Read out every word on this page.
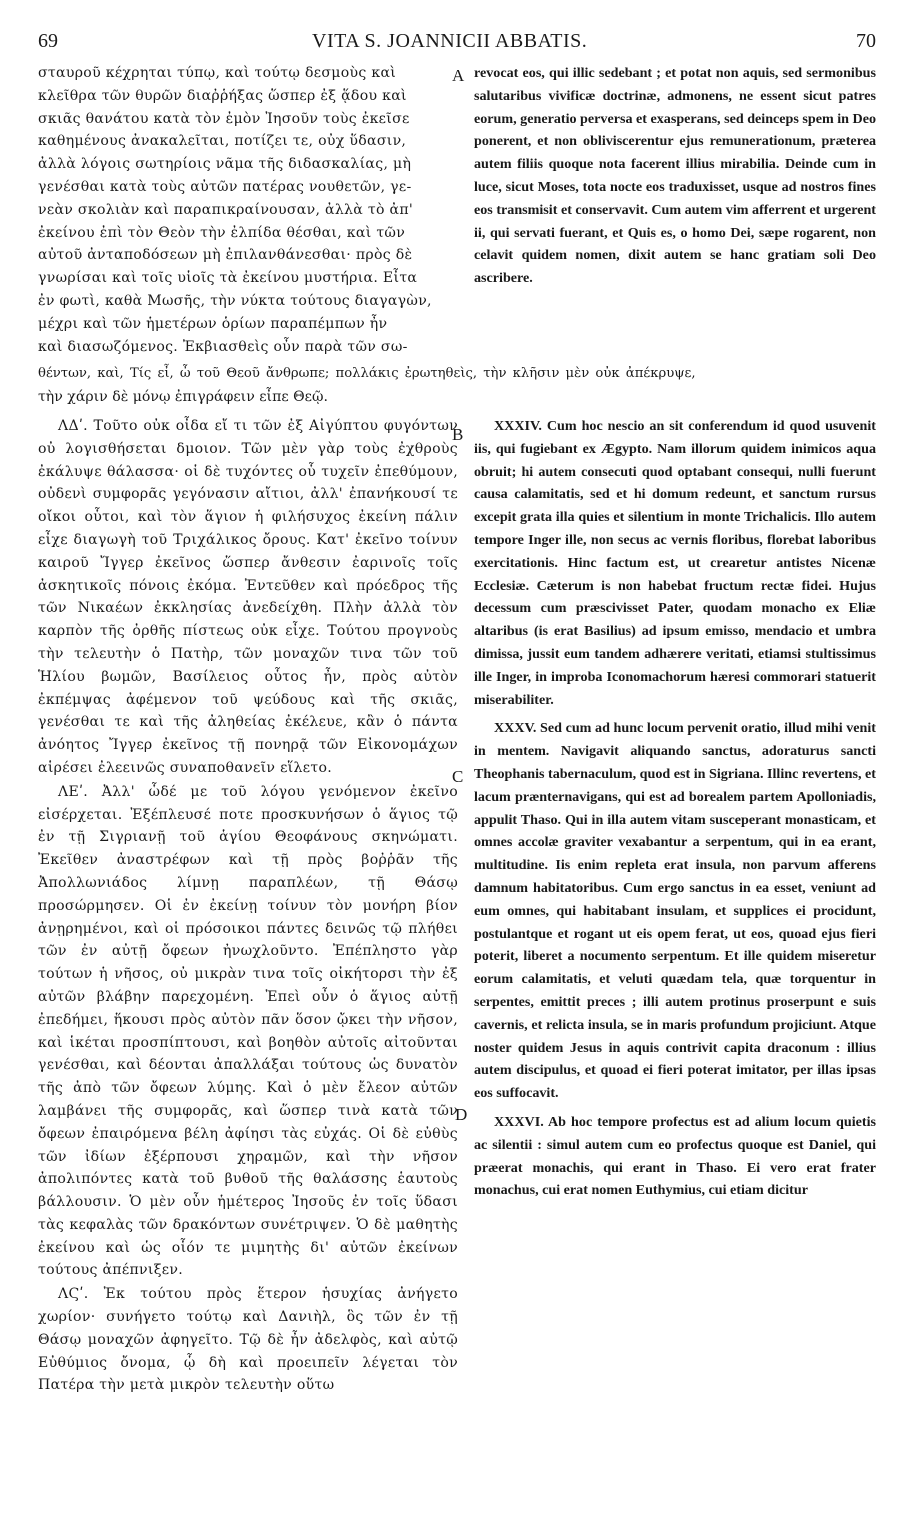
69	VITA S. JOANNICII ABBATIS.	70
A
B
C
D
σταυροῦ κέχρηται τύπῳ, καὶ τούτῳ δεσμοὺς καὶ
κλεῖθρα τῶν θυρῶν διαῤῥήξας ὥσπερ ἐξ ᾅδου καὶ
σκιᾶς θανάτου κατὰ τὸν ἐμὸν Ἰησοῦν τοὺς ἐκεῖσε
καθημένους ἀνακαλεῖται, ποτίζει τε, οὐχ ὕδασιν,
ἀλλὰ λόγοις σωτηρίοις νᾶμα τῆς διδασκαλίας, μὴ
γενέσθαι κατὰ τοὺς αὐτῶν πατέρας νουθετῶν, γε-
νεὰν σκολιὰν καὶ παραπικραίνουσαν, ἀλλὰ τὸ ἀπ'
ἐκείνου ἐπὶ τὸν Θεὸν τὴν ἐλπίδα θέσθαι, καὶ τῶν
αὐτοῦ ἀνταποδόσεων μὴ ἐπιλανθάνεσθαι· πρὸς δὲ
γνωρίσαι καὶ τοῖς υἱοῖς τὰ ἐκείνου μυστήρια. Εἶτα
ἐν φωτὶ, καθὰ Μωσῆς, τὴν νύκτα τούτους διαγαγὼν,
μέχρι καὶ τῶν ἡμετέρων ὁρίων παραπέμπων ἦν
καὶ διασωζόμενος. Ἐκβιασθεὶς οὖν παρὰ τῶν σω-
θέντων, καὶ, Τίς εἶ, ὦ τοῦ Θεοῦ ἄνθρωπε; πολλάκις ἐρωτηθεὶς, τὴν κλῆσιν μὲν οὐκ ἀπέκρυψε,
τὴν χάριν δὲ μόνῳ ἐπιγράφειν εἶπε Θεῷ.

ΛΔʹ. Τοῦτο οὐκ οἶδα εἴ τι τῶν ἐξ Αἰγύπτου φυγόντων οὐ λογισθήσεται δμοιον. Τῶν μὲν γὰρ τοὺς ἐχθροὺς ἐκάλυψε θάλασσα· οἱ δὲ τυχόντες οὗ τυχεῖν ἐπεθύμουν, οὐδενὶ συμφορᾶς γεγόνασιν αἴτιοι, ἀλλ' ἐπανήκουσί τε οἴκοι οὗτοι, καὶ τὸν ἅγιον ἡ φιλήσυχος ἐκείνη πάλιν εἶχε διαγωγὴ τοῦ Τριχάλικος ὄρους. Κατ' ἐκεῖνο τοίνυν καιροῦ Ἴγγερ ἐκεῖνος ὥσπερ ἄνθεσιν ἐαρινοῖς τοῖς ἀσκητικοῖς πόνοις ἐκόμα. Ἐντεῦθεν καὶ πρόεδρος τῆς τῶν Νικαέων ἐκκλησίας ἀνεδείχθη. Πλὴν ἀλλὰ τὸν καρπὸν τῆς ὀρθῆς πίστεως οὐκ εἶχε. Τούτου προγνοὺς τὴν τελευτὴν ὁ Πατὴρ, τῶν μοναχῶν τινα τῶν τοῦ Ἡλίου βωμῶν, Βασίλειος οὗτος ἦν, πρὸς αὐτὸν ἐκπέμψας ἀφέμενον τοῦ ψεύδους καὶ τῆς σκιᾶς, γενέσθαι τε καὶ τῆς ἀληθείας ἐκέλευε, κἂν ὁ πάντα ἀνόητος Ἴγγερ ἐκεῖνος τῇ πονηρᾷ τῶν Εἰκονομάχων αἱρέσει ἐλεεινῶς συναποθανεῖν εἵλετο.

ΛΕʹ. Ἀλλ' ὧδέ με τοῦ λόγου γενόμενον ἐκεῖνο εἰσέρχεται. Ἐξέπλευσέ ποτε προσκυνήσων ὁ ἅγιος τῷ ἐν τῇ Σιγριανῇ τοῦ ἁγίου Θεοφάνους σκηνώματι. Ἐκεῖθεν ἀναστρέφων καὶ τῇ πρὸς βοῤῥᾶν τῆς Ἀπολλωνιάδος λίμνῃ παραπλέων, τῇ Θάσῳ προσώρμησεν. Οἱ ἐν ἐκείνῃ τοίνυν τὸν μονήρη βίον ἀνῃρημένοι, καὶ οἱ πρόσοικοι πάντες δεινῶς τῷ πλήθει τῶν ἐν αὐτῇ ὄφεων ἠνωχλοῦντο. Ἐπέπληστο γὰρ τούτων ἡ νῆσος, οὐ μικρὰν τινα τοῖς οἰκήτορσι τὴν ἐξ αὐτῶν βλάβην παρεχομένη. Ἐπεὶ οὖν ὁ ἅγιος αὐτῇ ἐπεδήμει, ἥκουσι πρὸς αὐτὸν πᾶν ὅσον ᾤκει τὴν νῆσον, καὶ ἱκέται προσπίπτουσι, καὶ βοηθὸν αὐτοῖς αἰτοῦνται γενέσθαι, καὶ δέονται ἀπαλλάξαι τούτους ὡς δυνατὸν τῆς ἀπὸ τῶν ὄφεων λύμης. Καὶ ὁ μὲν ἔλεον αὐτῶν λαμβάνει τῆς συμφορᾶς, καὶ ὥσπερ τινὰ κατὰ τῶν ὄφεων ἐπαιρόμενα βέλη ἀφίησι τὰς εὐχάς. Οἱ δὲ εὐθὺς τῶν ἰδίων ἐξέρπουσι χηραμῶν, καὶ τὴν νῆσον ἀπολιπόντες κατὰ τοῦ βυθοῦ τῆς θαλάσσης ἑαυτοὺς βάλλουσιν. Ὁ μὲν οὖν ἡμέτερος Ἰησοῦς ἐν τοῖς ὕδασι τὰς κεφαλὰς τῶν δρακόντων συνέτριψεν. Ὁ δὲ μαθητὴς ἐκείνου καὶ ὡς οἷόν τε μιμητὴς δι' αὐτῶν ἐκείνων τούτους ἀπέπνιξεν.

ΛϚʹ. Ἐκ τούτου πρὸς ἕτερον ἡσυχίας ἀνήγετο χωρίον· συνήγετο τούτῳ καὶ Δανιὴλ, ὃς τῶν ἐν τῇ Θάσῳ μοναχῶν ἀφηγεῖτο. Τῷ δὲ ἦν ἀδελφὸς, καὶ αὐτῷ Εὐθύμιος ὄνομα, ᾧ δὴ καὶ προειπεῖν λέγεται τὸν Πατέρα τὴν μετὰ μικρὸν τελευτὴν οὕτω

revocat eos, qui illic sedebant ; et potat non aquis, sed sermonibus salutaribus vivificæ doctrinæ, admonens, ne essent sicut patres eorum, generatio perversa et exasperans, sed deinceps spem in Deo ponerent, et non obliviscerentur ejus remunerationum, præterea autem filiis quoque nota facerent illius mirabilia. Deinde cum in luce, sicut Moses, tota nocte eos traduxisset, usque ad nostros fines eos transmisit et conservavit. Cum autem vim afferrent et urgerent ii, qui servati fuerant, et Quis es, o homo Dei, sæpe rogarent, non celavit quidem nomen, dixit autem se hanc gratiam soli Deo ascribere.

XXXIV. Cum hoc nescio an sit conferendum id quod usuvenit iis, qui fugiebant ex Ægypto. Nam illorum quidem inimicos aqua obruit; hi autem consecuti quod optabant consequi, nulli fuerunt causa calamitatis, sed et hi domum redeunt, et sanctum rursus excepit grata illa quies et silentium in monte Trichalicis. Illo autem tempore Inger ille, non secus ac vernis floribus, florebat laboribus exercitationis. Hinc factum est, ut crearetur antistes Nicenæ Ecclesiæ. Cæterum is non habebat fructum rectæ fidei. Hujus decessum cum præscivisset Pater, quodam monacho ex Eliæ altaribus (is erat Basilius) ad ipsum emisso, mendacio et umbra dimissa, jussit eum tandem adhærere veritati, etiamsi stultissimus ille Inger, in improba Iconomachorum hæresi commorari statuerit miserabiliter.

XXXV. Sed cum ad hunc locum pervenit oratio, illud mihi venit in mentem. Navigavit aliquando sanctus, adoraturus sancti Theophanis tabernaculum, quod est in Sigriana. Illinc revertens, et lacum prænternavigans, qui est ad borealem partem Apolloniadis, appulit Thaso. Qui in illa autem vitam susceperant monasticam, et omnes accolæ graviter vexabantur a serpentum, qui in ea erant, multitudine. Iis enim repleta erat insula, non parvum afferens damnum habitatoribus. Cum ergo sanctus in ea esset, veniunt ad eum omnes, qui habitabant insulam, et supplices ei procidunt, postulantque et rogant ut eis opem ferat, ut eos, quoad ejus fieri poterit, liberet a nocumento serpentum. Et ille quidem miseretur eorum calamitatis, et veluti quædam tela, quæ torquentur in serpentes, emittit preces ; illi autem protinus proserpunt e suis cavernis, et relicta insula, se in maris profundum projiciunt. Atque noster quidem Jesus in aquis contrivit capita draconum : illius autem discipulus, et quoad ei fieri poterat imitator, per illas ipsas eos suffocavit.

XXXVI. Ab hoc tempore profectus est ad alium locum quietis ac silentii : simul autem cum eo profectus quoque est Daniel, qui præerat monachis, qui erant in Thaso. Ei vero erat frater monachus, cui erat nomen Euthymius, cui etiam dicitur
